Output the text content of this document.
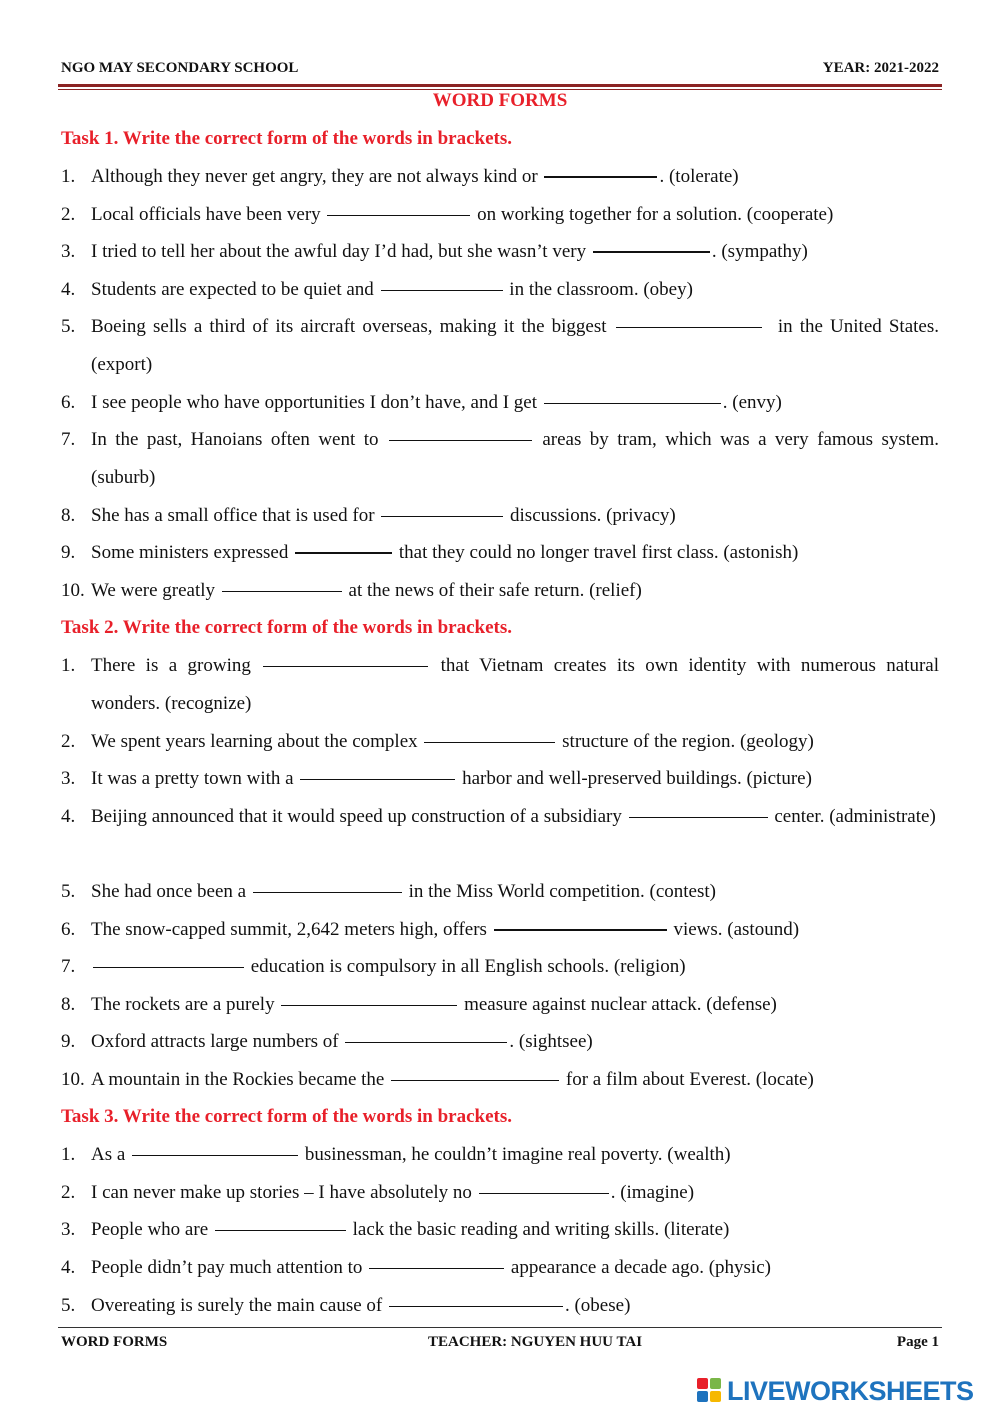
NGO MAY SECONDARY SCHOOL	YEAR: 2021-2022
WORD FORMS
Task 1. Write the correct form of the words in brackets.
1. Although they never get angry, they are not always kind or	. (tolerate)
2. Local officials have been very	on working together for a solution. (cooperate)
3. I tried to tell her about the awful day I’d had, but she wasn’t very	. (sympathy)
4. Students are expected to be quiet and	in the classroom. (obey)
5. Boeing sells a third of its aircraft overseas, making it the biggest	in the United States. (export)
6. I see people who have opportunities I don’t have, and I get	. (envy)
7. In the past, Hanoians often went to	areas by tram, which was a very famous system. (suburb)
8. She has a small office that is used for	discussions. (privacy)
9. Some ministers expressed	that they could no longer travel first class. (astonish)
10. We were greatly	at the news of their safe return. (relief)
Task 2. Write the correct form of the words in brackets.
1. There is a growing	that Vietnam creates its own identity with numerous natural wonders. (recognize)
2. We spent years learning about the complex	structure of the region. (geology)
3. It was a pretty town with a	harbor and well-preserved buildings. (picture)
4. Beijing announced that it would speed up construction of a subsidiary	center. (administrate)
5. She had once been a	in the Miss World competition. (contest)
6. The snow-capped summit, 2,642 meters high, offers	views. (astound)
7.	education is compulsory in all English schools. (religion)
8. The rockets are a purely	measure against nuclear attack. (defense)
9. Oxford attracts large numbers of	. (sightsee)
10. A mountain in the Rockies became the	for a film about Everest. (locate)
Task 3. Write the correct form of the words in brackets.
1. As a	businessman, he couldn’t imagine real poverty. (wealth)
2. I can never make up stories – I have absolutely no	. (imagine)
3. People who are	lack the basic reading and writing skills. (literate)
4. People didn’t pay much attention to	appearance a decade ago. (physic)
5. Overeating is surely the main cause of	. (obese)
WORD FORMS	TEACHER: NGUYEN HUU TAI	Page 1
LIVEWORKSHEETS
